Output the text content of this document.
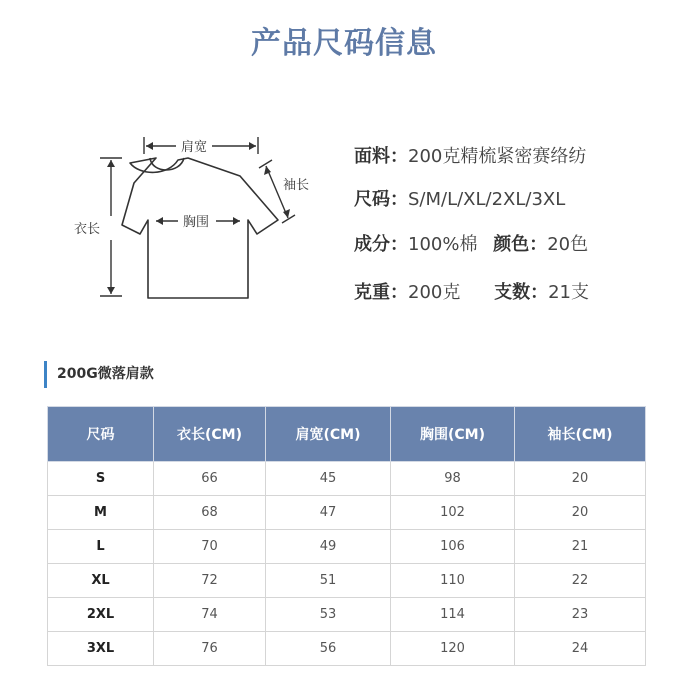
产品尺码信息
肩宽
袖长
胸围
衣长
面料：200克精梳紧密赛络纺
尺码：S/M/L/XL/2XL/3XL
成分：100%棉 颜色：20色
克重：200克 支数：21支
200G微落肩款
尺码	衣长(CM)	肩宽(CM)	胸围(CM)	袖长(CM)
S	66	45	98	20
M	68	47	102	20
L	70	49	106	21
XL	72	51	110	22
2XL	74	53	114	23
3XL	76	56	120	24
